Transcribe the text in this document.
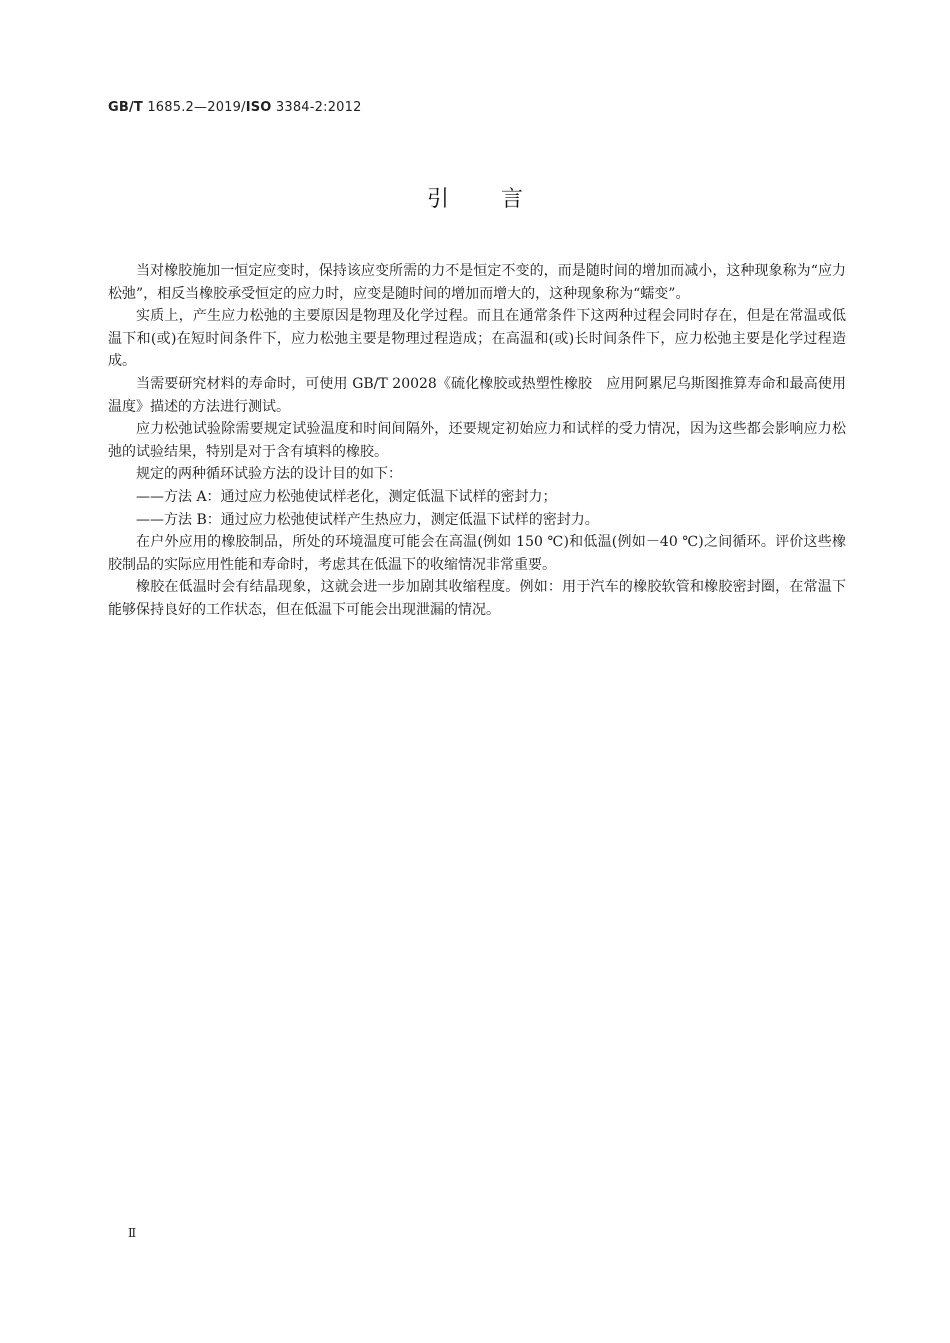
GB/T 1685.2—2019/ISO 3384-2:2012
引言

当对橡胶施加一恒定应变时，保持该应变所需的力不是恒定不变的，而是随时间的增加而减小，这种现象称为“应力松弛”，相反当橡胶承受恒定的应力时，应变是随时间的增加而增大的，这种现象称为“蠕变”。

实质上，产生应力松弛的主要原因是物理及化学过程。而且在通常条件下这两种过程会同时存在，但是在常温或低温下和(或)在短时间条件下，应力松弛主要是物理过程造成；在高温和(或)长时间条件下，应力松弛主要是化学过程造成。

当需要研究材料的寿命时，可使用 GB/T 20028《硫化橡胶或热塑性橡胶　应用阿累尼乌斯图推算寿命和最高使用温度》描述的方法进行测试。

应力松弛试验除需要规定试验温度和时间间隔外，还要规定初始应力和试样的受力情况，因为这些都会影响应力松弛的试验结果，特别是对于含有填料的橡胶。

规定的两种循环试验方法的设计目的如下：

——方法 A：通过应力松弛使试样老化，测定低温下试样的密封力；

——方法 B：通过应力松弛使试样产生热应力，测定低温下试样的密封力。

在户外应用的橡胶制品，所处的环境温度可能会在高温(例如 150 ℃)和低温(例如－40 ℃)之间循环。评价这些橡胶制品的实际应用性能和寿命时，考虑其在低温下的收缩情况非常重要。

橡胶在低温时会有结晶现象，这就会进一步加剧其收缩程度。例如：用于汽车的橡胶软管和橡胶密封圈，在常温下能够保持良好的工作状态，但在低温下可能会出现泄漏的情况。

Ⅱ
